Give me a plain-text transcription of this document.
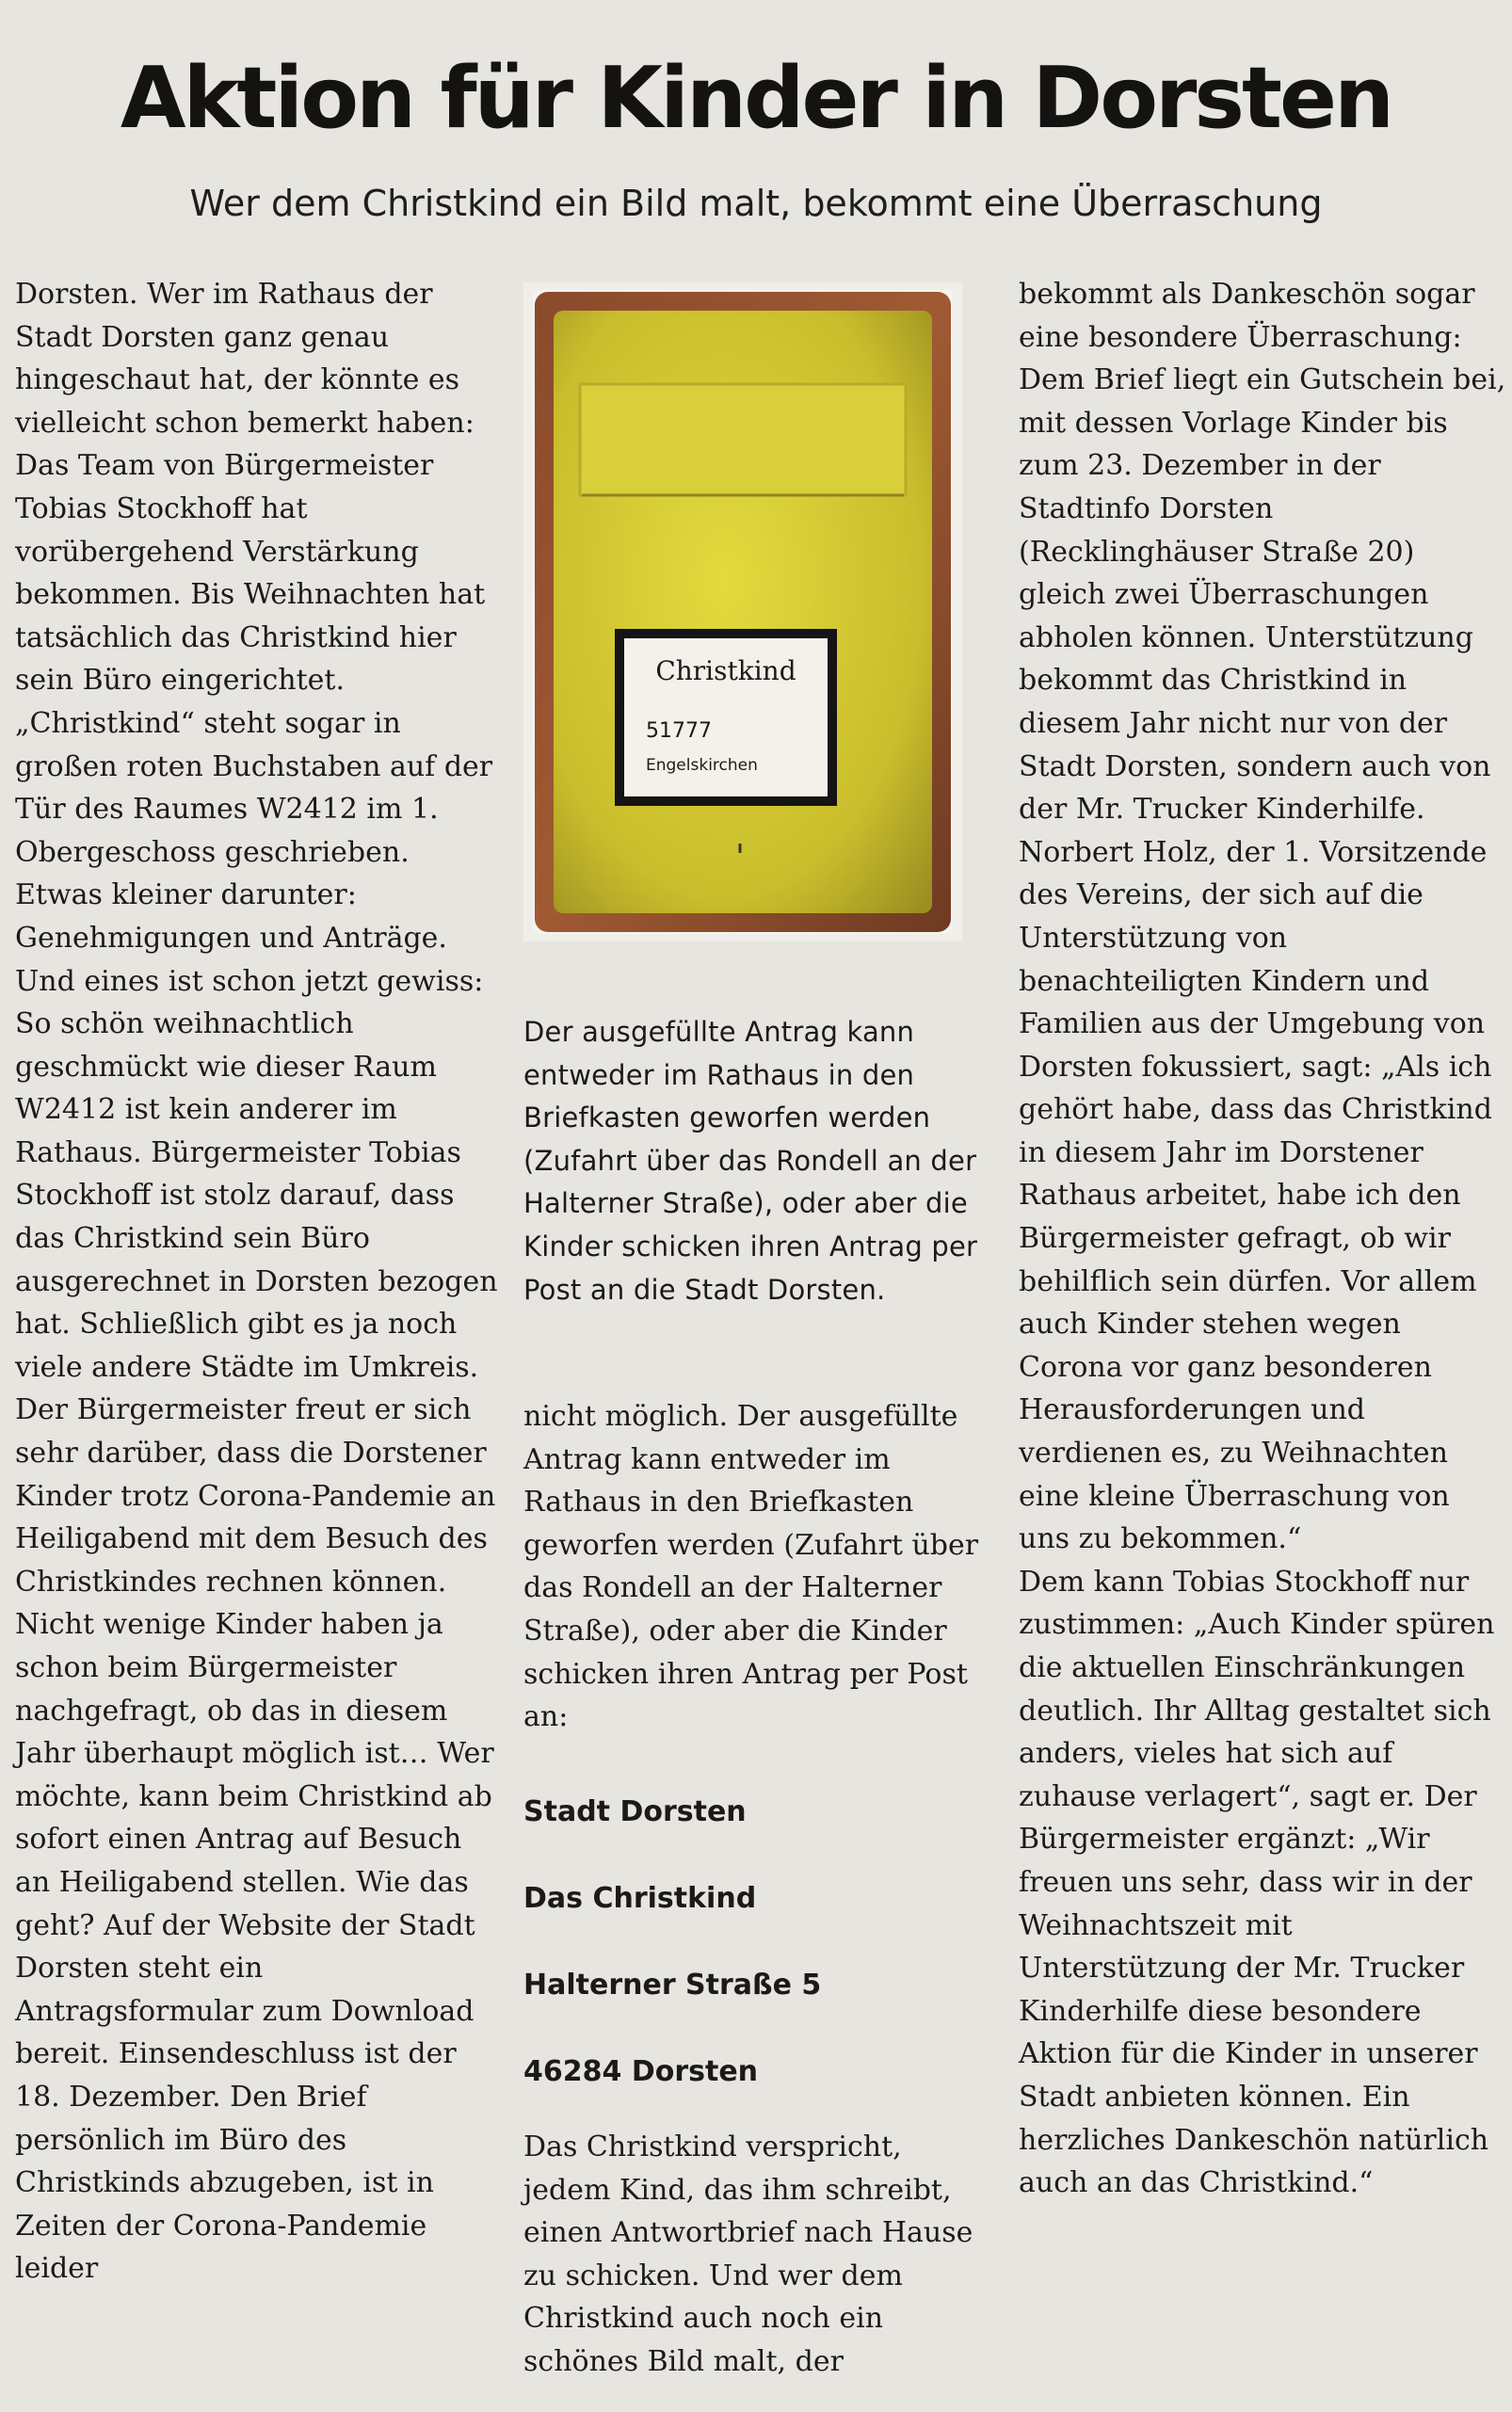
Aktion für Kinder in Dorsten
Wer dem Christkind ein Bild malt, bekommt eine Überraschung

Dorsten. Wer im Rathaus der Stadt Dorsten ganz genau hingeschaut hat, der könnte es vielleicht schon bemerkt haben: Das Team von Bürgermeister Tobias Stockhoff hat vorübergehend Verstärkung bekommen. Bis Weihnachten hat tatsächlich das Christkind hier sein Büro eingerichtet. „Christkind“ steht sogar in großen roten Buchstaben auf der Tür des Raumes W2412 im 1. Obergeschoss geschrieben. Etwas kleiner darunter: Genehmigungen und Anträge. Und eines ist schon jetzt gewiss: So schön weihnachtlich geschmückt wie dieser Raum W2412 ist kein anderer im Rathaus. Bürgermeister Tobias Stockhoff ist stolz darauf, dass das Christkind sein Büro ausgerechnet in Dorsten bezogen hat. Schließlich gibt es ja noch viele andere Städte im Umkreis. Der Bürgermeister freut er sich sehr darüber, dass die Dorstener Kinder trotz Corona-Pandemie an Heiligabend mit dem Besuch des Christkindes rechnen können. Nicht wenige Kinder haben ja schon beim Bürgermeister nachgefragt, ob das in diesem Jahr überhaupt möglich ist… Wer möchte, kann beim Christkind ab sofort einen Antrag auf Besuch an Heiligabend stellen. Wie das geht? Auf der Website der Stadt Dorsten steht ein Antragsformular zum Download bereit. Einsendeschluss ist der 18. Dezember. Den Brief persönlich im Büro des Christkinds abzugeben, ist in Zeiten der Corona-Pandemie leider

Christkind
51777
Engelskirchen

Der ausgefüllte Antrag kann entweder im Rathaus in den Briefkasten geworfen werden (Zufahrt über das Rondell an der Halterner Straße), oder aber die Kinder schicken ihren Antrag per Post an die Stadt Dorsten.

nicht möglich. Der ausgefüllte Antrag kann entweder im Rathaus in den Briefkasten geworfen werden (Zufahrt über das Rondell an der Halterner Straße), oder aber die Kinder schicken ihren Antrag per Post an:

Stadt Dorsten

Das Christkind

Halterner Straße 5

46284 Dorsten

Das Christkind verspricht, jedem Kind, das ihm schreibt, einen Antwortbrief nach Hause zu schicken. Und wer dem Christkind auch noch ein schönes Bild malt, der

bekommt als Dankeschön sogar eine besondere Überraschung: Dem Brief liegt ein Gutschein bei, mit dessen Vorlage Kinder bis zum 23. Dezember in der Stadtinfo Dorsten (Recklinghäuser Straße 20) gleich zwei Überraschungen abholen können. Unterstützung bekommt das Christkind in diesem Jahr nicht nur von der Stadt Dorsten, sondern auch von der Mr. Trucker Kinderhilfe. Norbert Holz, der 1. Vorsitzende des Vereins, der sich auf die Unterstützung von benachteiligten Kindern und Familien aus der Umgebung von Dorsten fokussiert, sagt: „Als ich gehört habe, dass das Christkind in diesem Jahr im Dorstener Rathaus arbeitet, habe ich den Bürgermeister gefragt, ob wir behilflich sein dürfen. Vor allem auch Kinder stehen wegen Corona vor ganz besonderen Herausforderungen und verdienen es, zu Weihnachten eine kleine Überraschung von uns zu bekommen.“

Dem kann Tobias Stockhoff nur zustimmen: „Auch Kinder spüren die aktuellen Einschränkungen deutlich. Ihr Alltag gestaltet sich anders, vieles hat sich auf zuhause verlagert“, sagt er. Der Bürgermeister ergänzt: „Wir freuen uns sehr, dass wir in der Weihnachtszeit mit Unterstützung der Mr. Trucker Kinderhilfe diese besondere Aktion für die Kinder in unserer Stadt anbieten können. Ein herzliches Dankeschön natürlich auch an das Christkind.“
